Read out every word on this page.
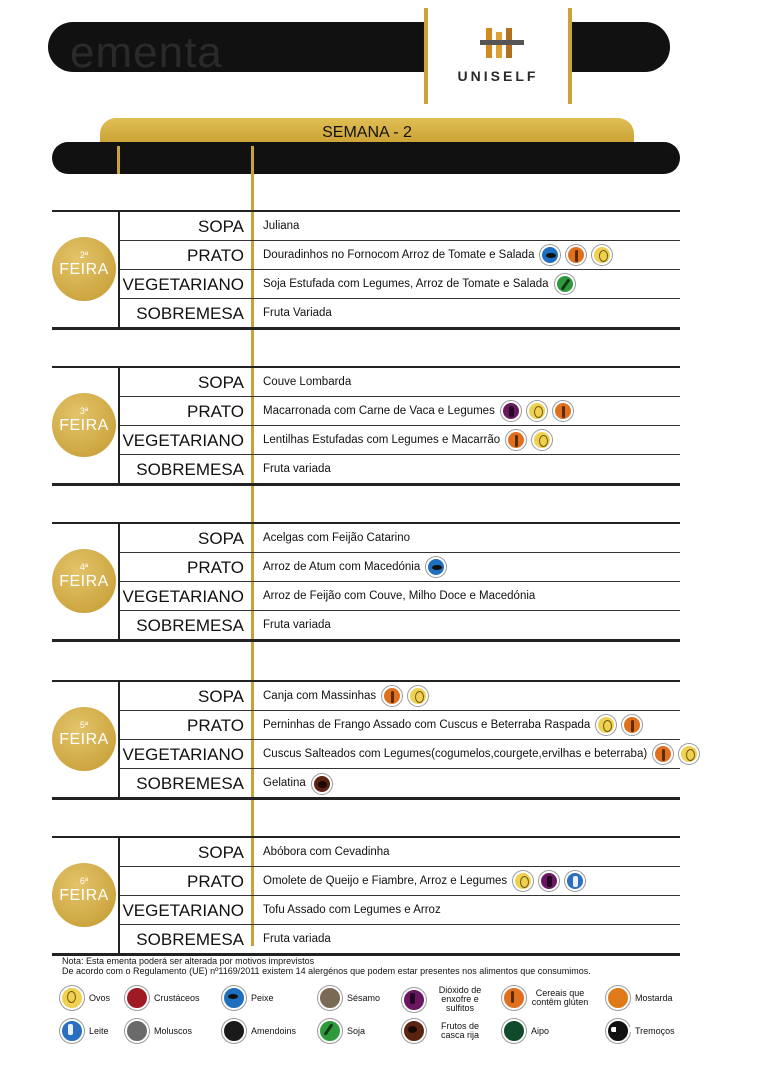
ementa	UNISELF
SEMANA - 2
2ª
FEIRA
SOPA	Juliana
PRATO	Douradinhos no Fornocom Arroz de Tomate e Salada
VEGETARIANO	Soja Estufada com Legumes, Arroz de Tomate e Salada
SOBREMESA	Fruta Variada
3ª
FEIRA
SOPA	Couve Lombarda
PRATO	Macarronada com Carne de Vaca e Legumes
VEGETARIANO	Lentilhas Estufadas com Legumes e Macarrão
SOBREMESA	Fruta variada
4ª
FEIRA
SOPA	Acelgas com Feijão Catarino
PRATO	Arroz de Atum com Macedónia
VEGETARIANO	Arroz de Feijão com Couve, Milho Doce e Macedónia
SOBREMESA	Fruta variada
5ª
FEIRA
SOPA	Canja com Massinhas
PRATO	Perninhas de Frango Assado com Cuscus e Beterraba Raspada
VEGETARIANO	Cuscus Salteados com Legumes(cogumelos,courgete,ervilhas e beterraba)
SOBREMESA	Gelatina
6ª
FEIRA
SOPA	Abóbora com Cevadinha
PRATO	Omolete de Queijo e Fiambre, Arroz e Legumes
VEGETARIANO	Tofu Assado com Legumes e Arroz
SOBREMESA	Fruta variada
Nota: Esta ementa poderá ser alterada por motivos imprevistos
De acordo com o Regulamento (UE) nº1169/2011 existem 14 alergénos que podem estar presentes nos alimentos que consumimos.
Ovos	Crustáceos	Peixe	Sésamo
Dióxido de enxofre e sulfitos
Cereais que contêm glúten	Mostarda
Leite	Moluscos	Amendoins	Soja	Frutos de casca rija	Aipo	Tremoços
